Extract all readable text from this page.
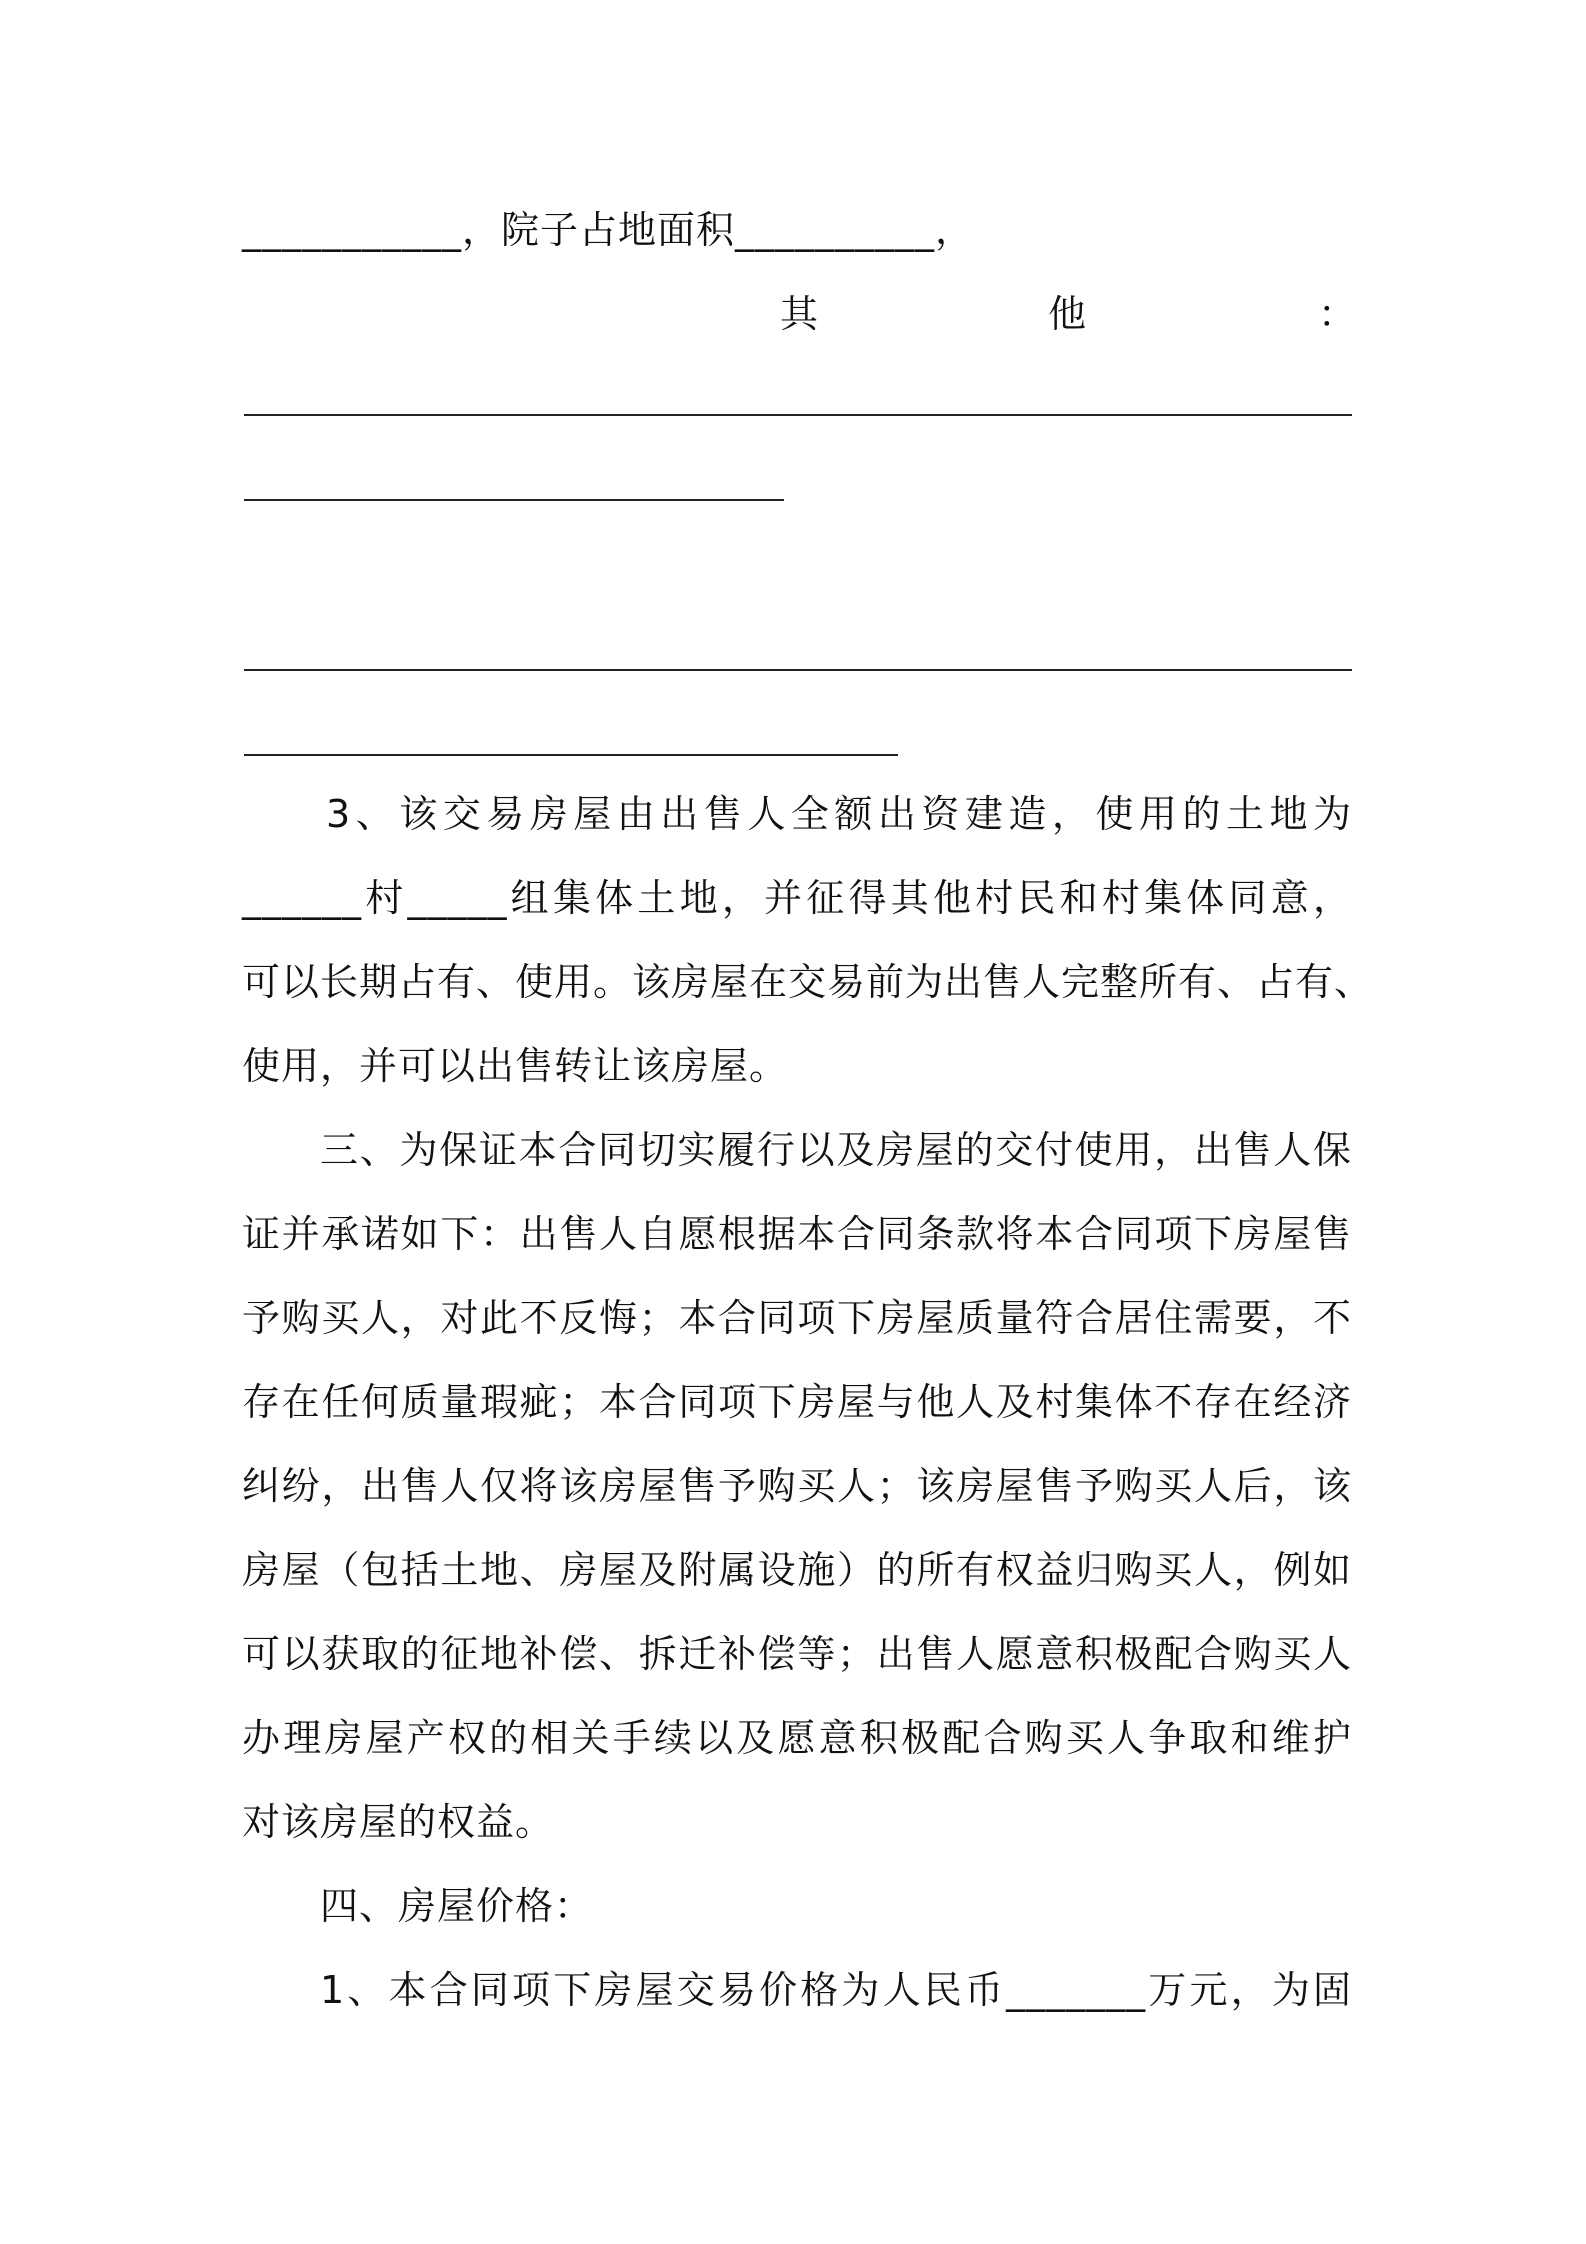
___________，院子占地面积__________，
其	他	：
3、该交易房屋由出售人全额出资建造，使用的土地为
______村_____组集体土地，并征得其他村民和村集体同意，
可以长期占有、使用。该房屋在交易前为出售人完整所有、占有、
使用，并可以出售转让该房屋。
三、为保证本合同切实履行以及房屋的交付使用，出售人保
证并承诺如下：出售人自愿根据本合同条款将本合同项下房屋售
予购买人，对此不反悔；本合同项下房屋质量符合居住需要，不
存在任何质量瑕疵；本合同项下房屋与他人及村集体不存在经济
纠纷，出售人仅将该房屋售予购买人；该房屋售予购买人后，该
房屋（包括土地、房屋及附属设施）的所有权益归购买人，例如
可以获取的征地补偿、拆迁补偿等；出售人愿意积极配合购买人
办理房屋产权的相关手续以及愿意积极配合购买人争取和维护
对该房屋的权益。
四、房屋价格：
1、本合同项下房屋交易价格为人民币_______万元，为固
